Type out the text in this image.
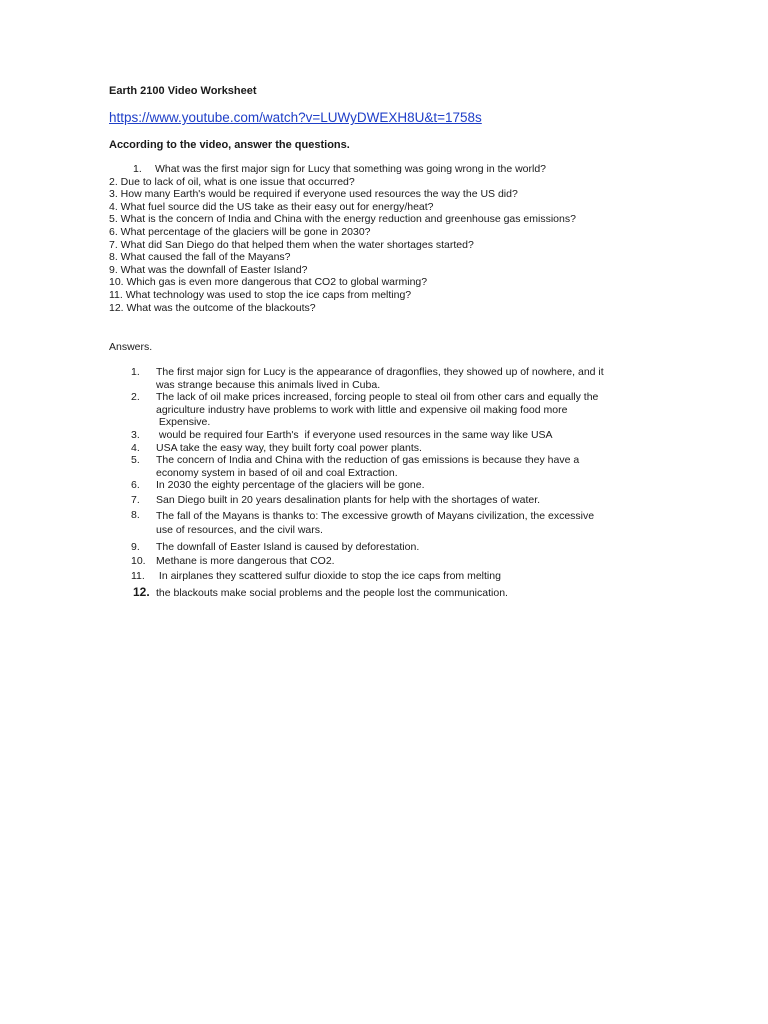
Earth 2100 Video Worksheet
https://www.youtube.com/watch?v=LUWyDWEXH8U&t=1758s
According to the video, answer the questions.
1. What was the first major sign for Lucy that something was going wrong in the world?
2. Due to lack of oil, what is one issue that occurred?
3. How many Earth's would be required if everyone used resources the way the US did?
4. What fuel source did the US take as their easy out for energy/heat?
5. What is the concern of India and China with the energy reduction and greenhouse gas emissions?
6. What percentage of the glaciers will be gone in 2030?
7. What did San Diego do that helped them when the water shortages started?
8. What caused the fall of the Mayans?
9. What was the downfall of Easter Island?
10. Which gas is even more dangerous that CO2 to global warming?
11. What technology was used to stop the ice caps from melting?
12. What was the outcome of the blackouts?
Answers.
1.	The first major sign for Lucy is the appearance of dragonflies, they showed up of nowhere, and it
was strange because this animals lived in Cuba.
2.	The lack of oil make prices increased, forcing people to steal oil from other cars and equally the
agriculture industry have problems to work with little and expensive oil making food more
Expensive.
3.	would be required four Earth's  if everyone used resources in the same way like USA
4.	USA take the easy way, they built forty coal power plants.
5.	The concern of India and China with the reduction of gas emissions is because they have a
economy system in based of oil and coal Extraction.
6.	In 2030 the eighty percentage of the glaciers will be gone.
7.	San Diego built in 20 years desalination plants for help with the shortages of water.
8.	The fall of the Mayans is thanks to: The excessive growth of Mayans civilization, the excessive
use of resources, and the civil wars.
9.	The downfall of Easter Island is caused by deforestation.
10. Methane is more dangerous that CO2.
11.	In airplanes they scattered sulfur dioxide to stop the ice caps from melting
12. the blackouts make social problems and the people lost the communication.
